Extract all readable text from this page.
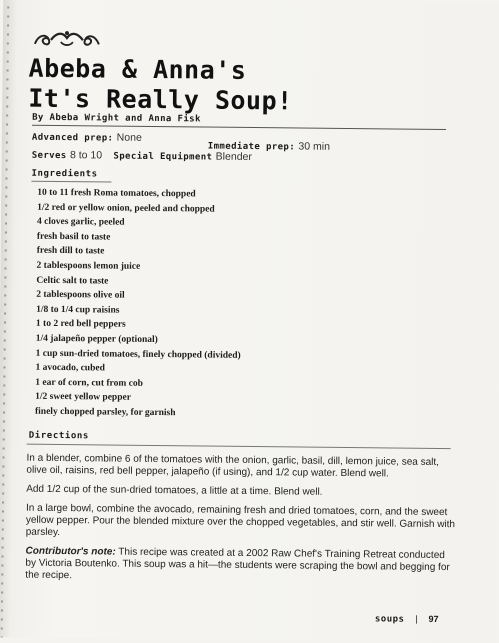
Abeba & Anna's
It's Really Soup!
By Abeba Wright and Anna Fisk
Advanced prep: None
Immediate prep: 30 min
Serves 8 to 10 Special Equipment Blender
Ingredients
10 to 11 fresh Roma tomatoes, chopped
1/2 red or yellow onion, peeled and chopped
4 cloves garlic, peeled
fresh basil to taste
fresh dill to taste
2 tablespoons lemon juice
Celtic salt to taste
2 tablespoons olive oil
1/8 to 1/4 cup raisins
1 to 2 red bell peppers
1/4 jalapeño pepper (optional)
1 cup sun-dried tomatoes, finely chopped (divided)
1 avocado, cubed
1 ear of corn, cut from cob
1/2 sweet yellow pepper
finely chopped parsley, for garnish
Directions

In a blender, combine 6 of the tomatoes with the onion, garlic, basil, dill, lemon juice, sea salt, olive oil, raisins, red bell pepper, jalapeño (if using), and 1/2 cup water. Blend well.

Add 1/2 cup of the sun-dried tomatoes, a little at a time. Blend well.

In a large bowl, combine the avocado, remaining fresh and dried tomatoes, corn, and the sweet yellow pepper. Pour the blended mixture over the chopped vegetables, and stir well. Garnish with parsley.

Contributor's note: This recipe was created at a 2002 Raw Chef's Training Retreat conducted by Victoria Boutenko. This soup was a hit—the students were scraping the bowl and begging for the recipe.

soups | 97
